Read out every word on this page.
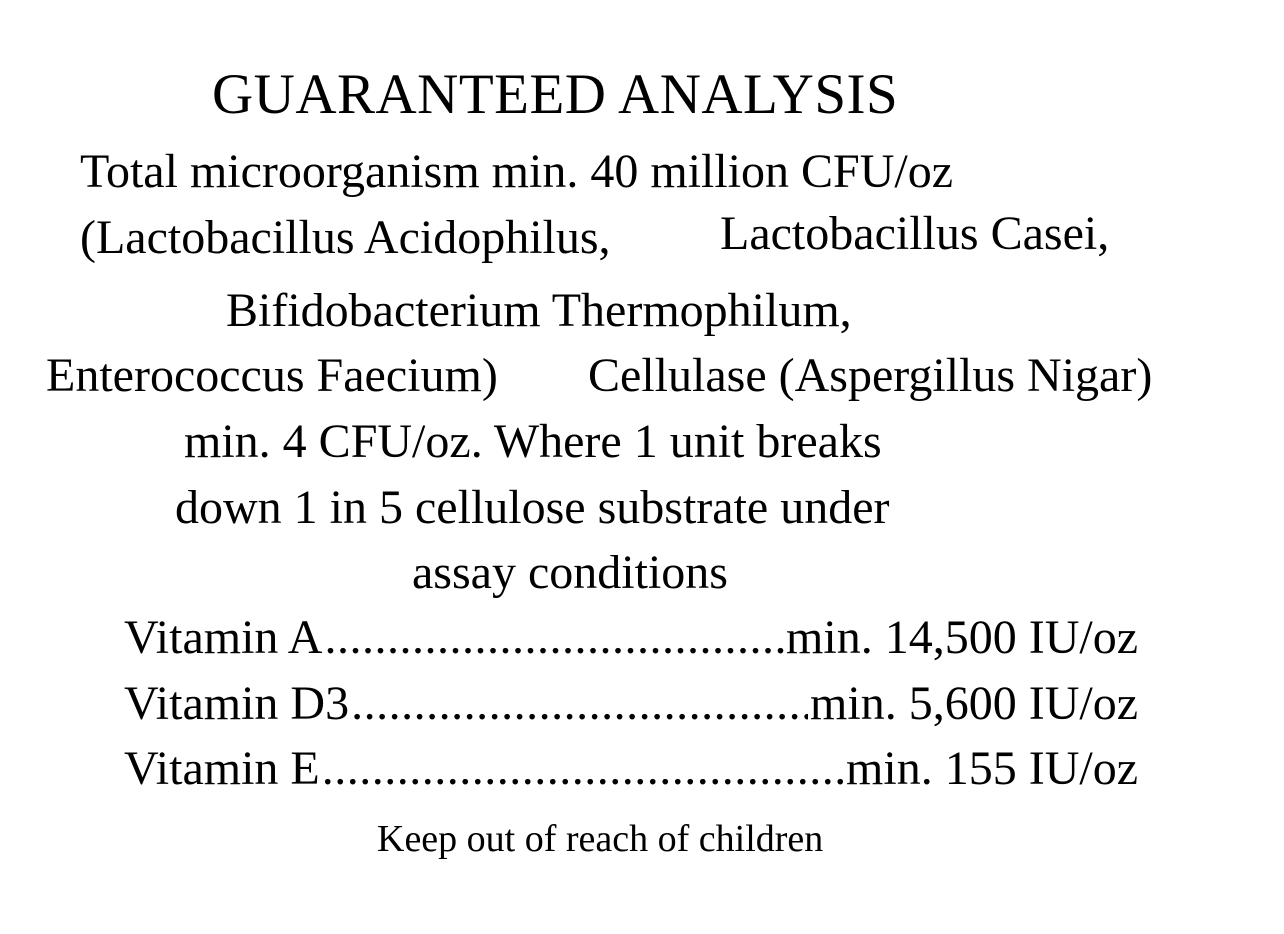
GUARANTEED ANALYSIS
Total microorganism min. 40 million CFU/oz
(Lactobacillus Acidophilus, Lactobacillus Casei,
Bifidobacterium Thermophilum,
Enterococcus Faecium) Cellulase (Aspergillus Nigar)
min. 4 CFU/oz. Where 1 unit breaks
down 1 in 5 cellulose substrate under
assay conditions
Vitamin A .....	min. 14,500 IU/oz
Vitamin D3 .....	min. 5,600 IU/oz
Vitamin E .....	min. 155 IU/oz
Keep out of reach of children
